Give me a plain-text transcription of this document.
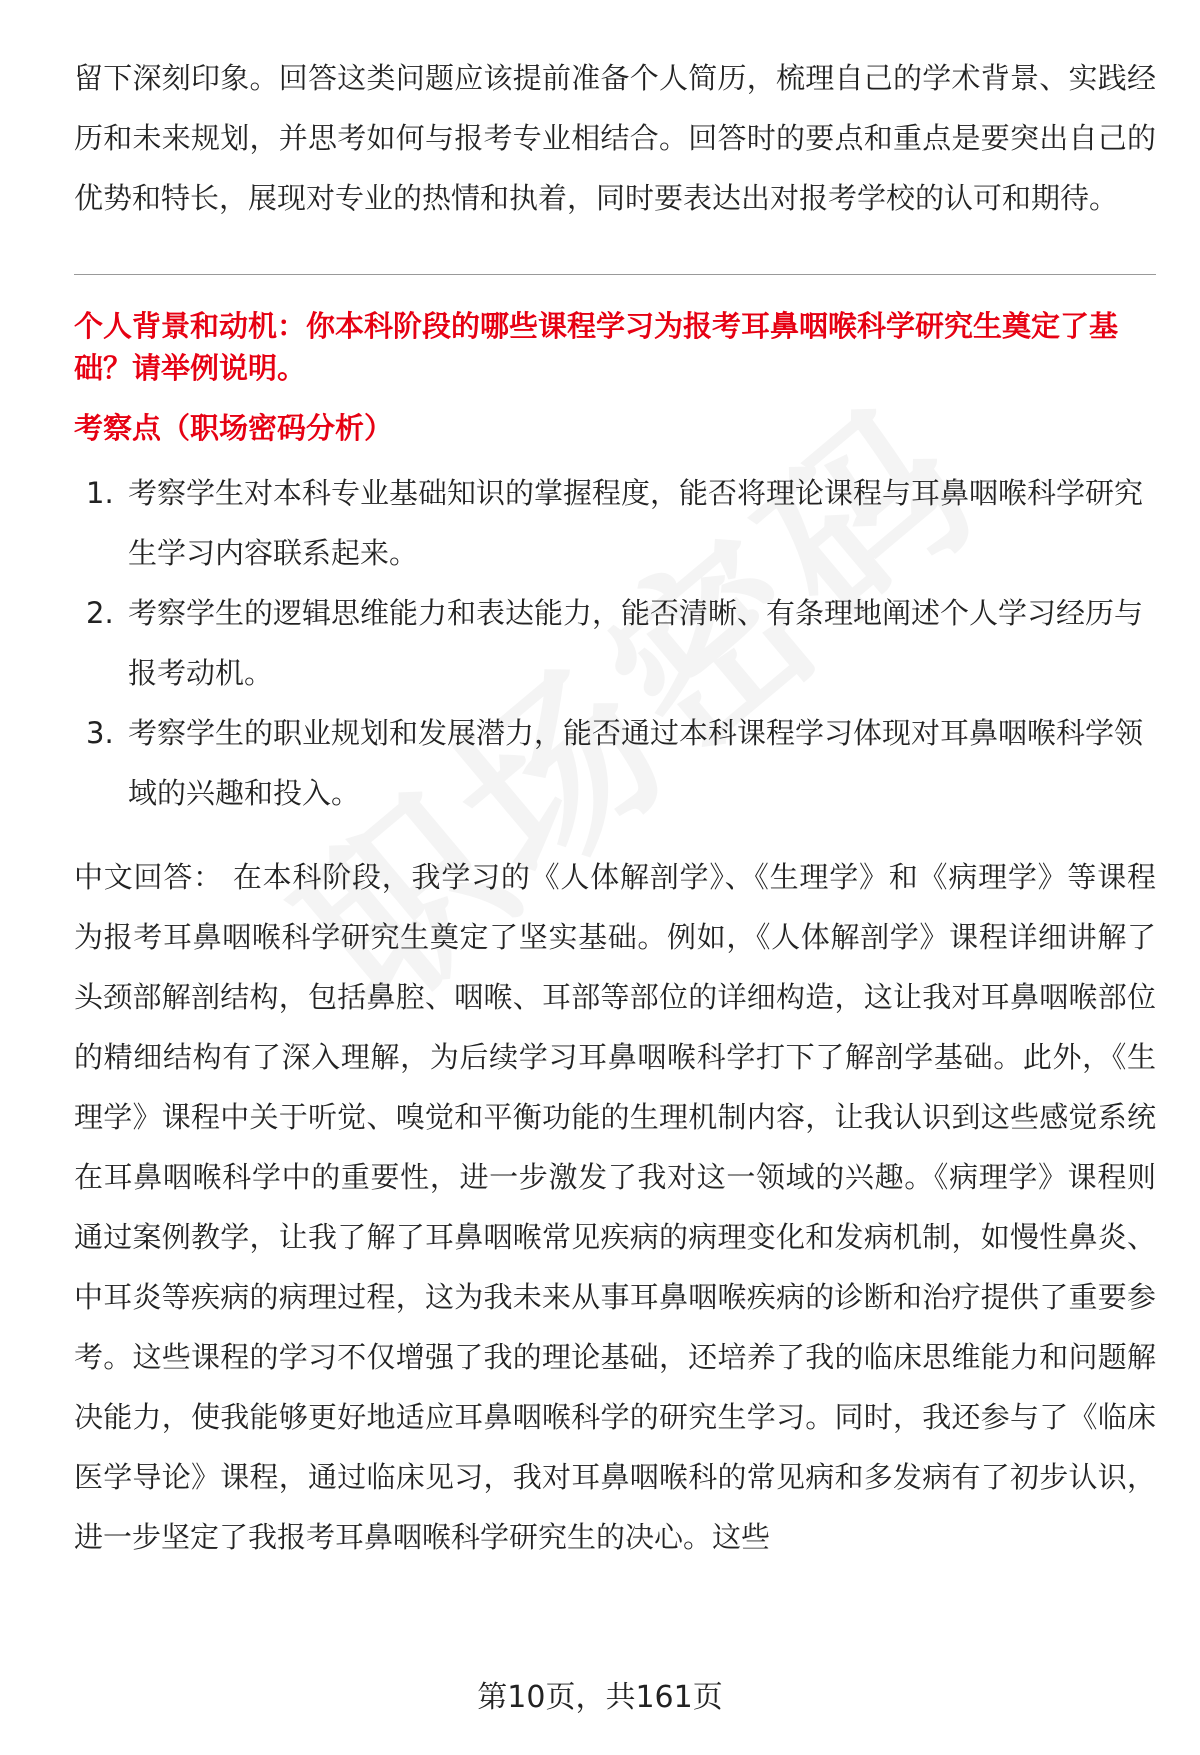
留下深刻印象。回答这类问题应该提前准备个人简历，梳理自己的学术背景、实践经历和未来规划，并思考如何与报考专业相结合。回答时的要点和重点是要突出自己的优势和特长，展现对专业的热情和执着，同时要表达出对报考学校的认可和期待。

个人背景和动机：你本科阶段的哪些课程学习为报考耳鼻咽喉科学研究生奠定了基础？请举例说明。

考察点（职场密码分析）

1. 考察学生对本科专业基础知识的掌握程度，能否将理论课程与耳鼻咽喉科学研究生学习内容联系起来。
2. 考察学生的逻辑思维能力和表达能力，能否清晰、有条理地阐述个人学习经历与报考动机。
3. 考察学生的职业规划和发展潜力，能否通过本科课程学习体现对耳鼻咽喉科学领域的兴趣和投入。

中文回答： 在本科阶段，我学习的《人体解剖学》、《生理学》和《病理学》等课程为报考耳鼻咽喉科学研究生奠定了坚实基础。例如，《人体解剖学》课程详细讲解了头颈部解剖结构，包括鼻腔、咽喉、耳部等部位的详细构造，这让我对耳鼻咽喉部位的精细结构有了深入理解，为后续学习耳鼻咽喉科学打下了解剖学基础。此外，《生理学》课程中关于听觉、嗅觉和平衡功能的生理机制内容，让我认识到这些感觉系统在耳鼻咽喉科学中的重要性，进一步激发了我对这一领域的兴趣。《病理学》课程则通过案例教学，让我了解了耳鼻咽喉常见疾病的病理变化和发病机制，如慢性鼻炎、中耳炎等疾病的病理过程，这为我未来从事耳鼻咽喉疾病的诊断和治疗提供了重要参考。这些课程的学习不仅增强了我的理论基础，还培养了我的临床思维能力和问题解决能力，使我能够更好地适应耳鼻咽喉科学的研究生学习。同时，我还参与了《临床医学导论》课程，通过临床见习，我对耳鼻咽喉科的常见病和多发病有了初步认识，进一步坚定了我报考耳鼻咽喉科学研究生的决心。这些

第10页，共161页
